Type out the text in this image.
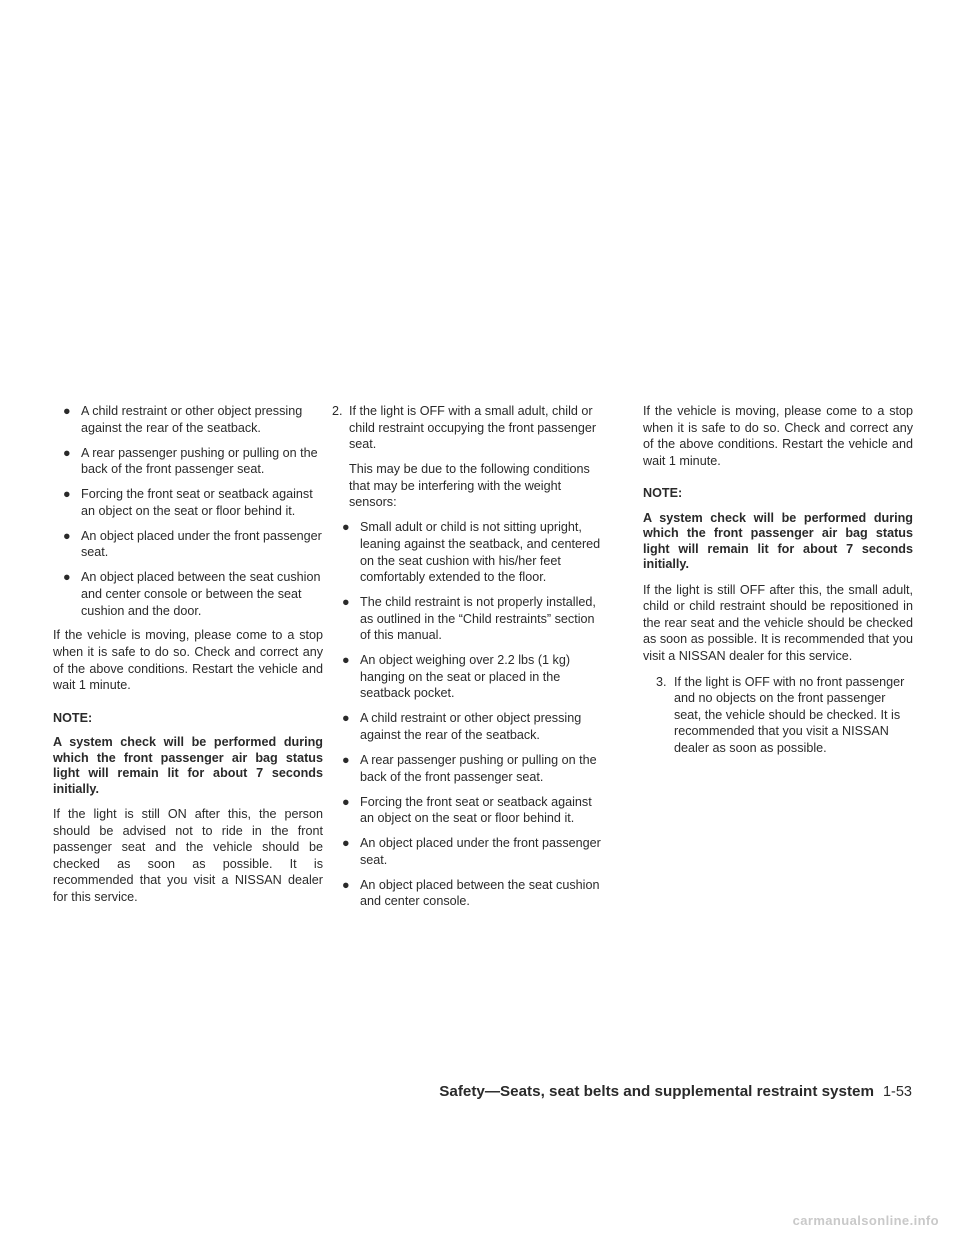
● A child restraint or other object pressing against the rear of the seatback.
● A rear passenger pushing or pulling on the back of the front passenger seat.
● Forcing the front seat or seatback against an object on the seat or floor behind it.
● An object placed under the front passenger seat.
● An object placed between the seat cushion and center console or between the seat cushion and the door.
If the vehicle is moving, please come to a stop when it is safe to do so. Check and correct any of the above conditions. Restart the vehicle and wait 1 minute.
NOTE:
A system check will be performed during which the front passenger air bag status light will remain lit for about 7 seconds initially.
If the light is still ON after this, the person should be advised not to ride in the front passenger seat and the vehicle should be checked as soon as possible. It is recommended that you visit a NISSAN dealer for this service.
2. If the light is OFF with a small adult, child or child restraint occupying the front passenger seat.
This may be due to the following conditions that may be interfering with the weight sensors:
● Small adult or child is not sitting upright, leaning against the seatback, and centered on the seat cushion with his/her feet comfortably extended to the floor.
● The child restraint is not properly installed, as outlined in the “Child restraints” section of this manual.
● An object weighing over 2.2 lbs (1 kg) hanging on the seat or placed in the seatback pocket.
● A child restraint or other object pressing against the rear of the seatback.
● A rear passenger pushing or pulling on the back of the front passenger seat.
● Forcing the front seat or seatback against an object on the seat or floor behind it.
● An object placed under the front passenger seat.
● An object placed between the seat cushion and center console.
If the vehicle is moving, please come to a stop when it is safe to do so. Check and correct any of the above conditions. Restart the vehicle and wait 1 minute.
NOTE:
A system check will be performed during which the front passenger air bag status light will remain lit for about 7 seconds initially.
If the light is still OFF after this, the small adult, child or child restraint should be repositioned in the rear seat and the vehicle should be checked as soon as possible. It is recommended that you visit a NISSAN dealer for this service.
3. If the light is OFF with no front passenger and no objects on the front passenger seat, the vehicle should be checked. It is recommended that you visit a NISSAN dealer as soon as possible.
Safety—Seats, seat belts and supplemental restraint system 1-53
carmanualsonline.info
